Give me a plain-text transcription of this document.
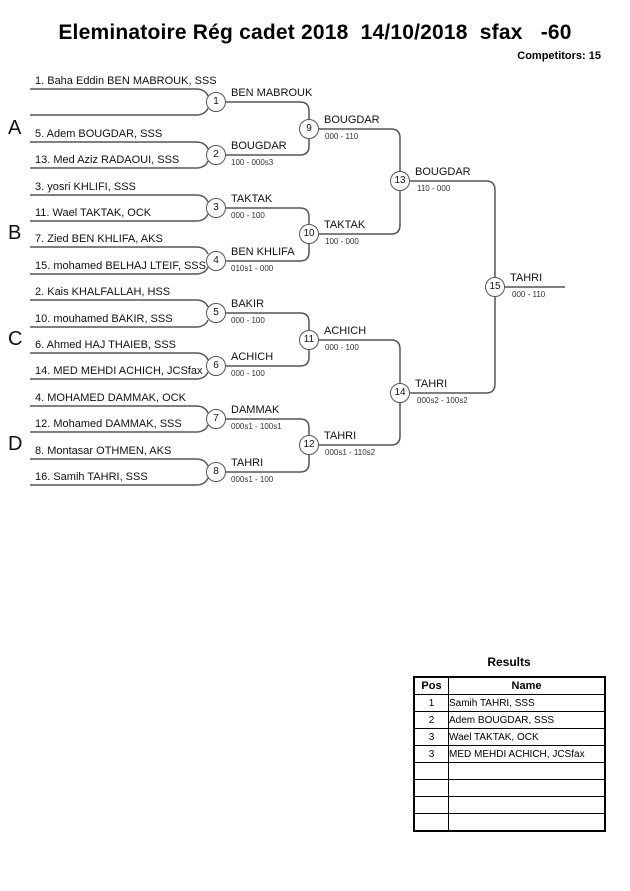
Eleminatoire Rég cadet 2018  14/10/2018  sfax   -60
Competitors: 15
A
B
C
D
1. Baha Eddin BEN MABROUK, SSS
5. Adem BOUGDAR, SSS
13. Med Aziz RADAOUI, SSS
3. yosri KHLIFI, SSS
11. Wael TAKTAK, OCK
7. Zied BEN KHLIFA, AKS
15. mohamed BELHAJ LTEIF, SSS
2. Kais KHALFALLAH, HSS
10. mouhamed BAKIR, SSS
6. Ahmed HAJ THAIEB, SSS
14. MED MEHDI ACHICH, JCSfax
4. MOHAMED DAMMAK, OCK
12. Mohamed DAMMAK, SSS
8. Montasar OTHMEN, AKS
16. Samih TAHRI, SSS
1
2
3
4
5
6
7
8
9
10
11
12
13
14
15
BEN MABROUK
BOUGDAR
TAKTAK
BEN KHLIFA
BAKIR
ACHICH
DAMMAK
TAHRI
BOUGDAR
TAKTAK
ACHICH
TAHRI
BOUGDAR
TAHRI
TAHRI
100 - 000s3
000 - 100
010s1 - 000
000 - 100
000 - 100
000s1 - 100s1
000s1 - 100
000 - 110
100 - 000
000 - 100
000s1 - 110s2
110 - 000
000s2 - 100s2
000 - 110
Results
Pos	Name
1	Samih TAHRI, SSS
2	Adem BOUGDAR, SSS
3	Wael TAKTAK, OCK
3	MED MEHDI ACHICH, JCSfax
